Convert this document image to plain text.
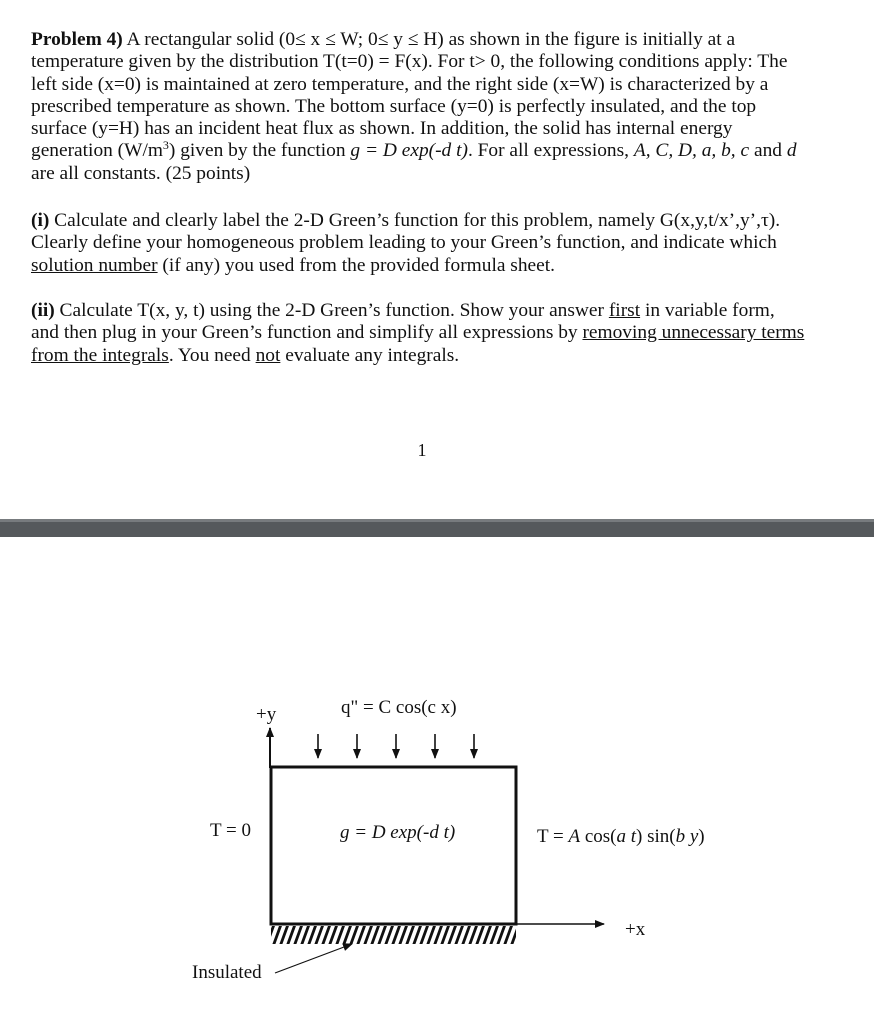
Problem 4) A rectangular solid (0≤ x ≤ W; 0≤ y ≤ H) as shown in the figure is initially at a
temperature given by the distribution T(t=0) = F(x). For t> 0, the following conditions apply: The
left side (x=0) is maintained at zero temperature, and the right side (x=W) is characterized by a
prescribed temperature as shown. The bottom surface (y=0) is perfectly insulated, and the top
surface (y=H) has an incident heat flux as shown. In addition, the solid has internal energy
generation $(W/m^3)$ given by the function g = D exp(-d t). For all expressions, A, C, D, a, b, c and d
are all constants. (25 points)
(i) Calculate and clearly label the 2-D Green’s function for this problem, namely G(x,y,t/x’,y’,τ).
Clearly define your homogeneous problem leading to your Green’s function, and indicate which
solution number (if any) you used from the provided formula sheet.
(ii) Calculate T(x, y, t) using the 2-D Green’s function. Show your answer first in variable form,
and then plug in your Green’s function and simplify all expressions by removing unnecessary terms
from the integrals. You need not evaluate any integrals.
1
+y	q" = C cos(c x)
T = 0	g = D exp(-d t)	T = A cos(a t) sin(b y)
+x
Insulated
